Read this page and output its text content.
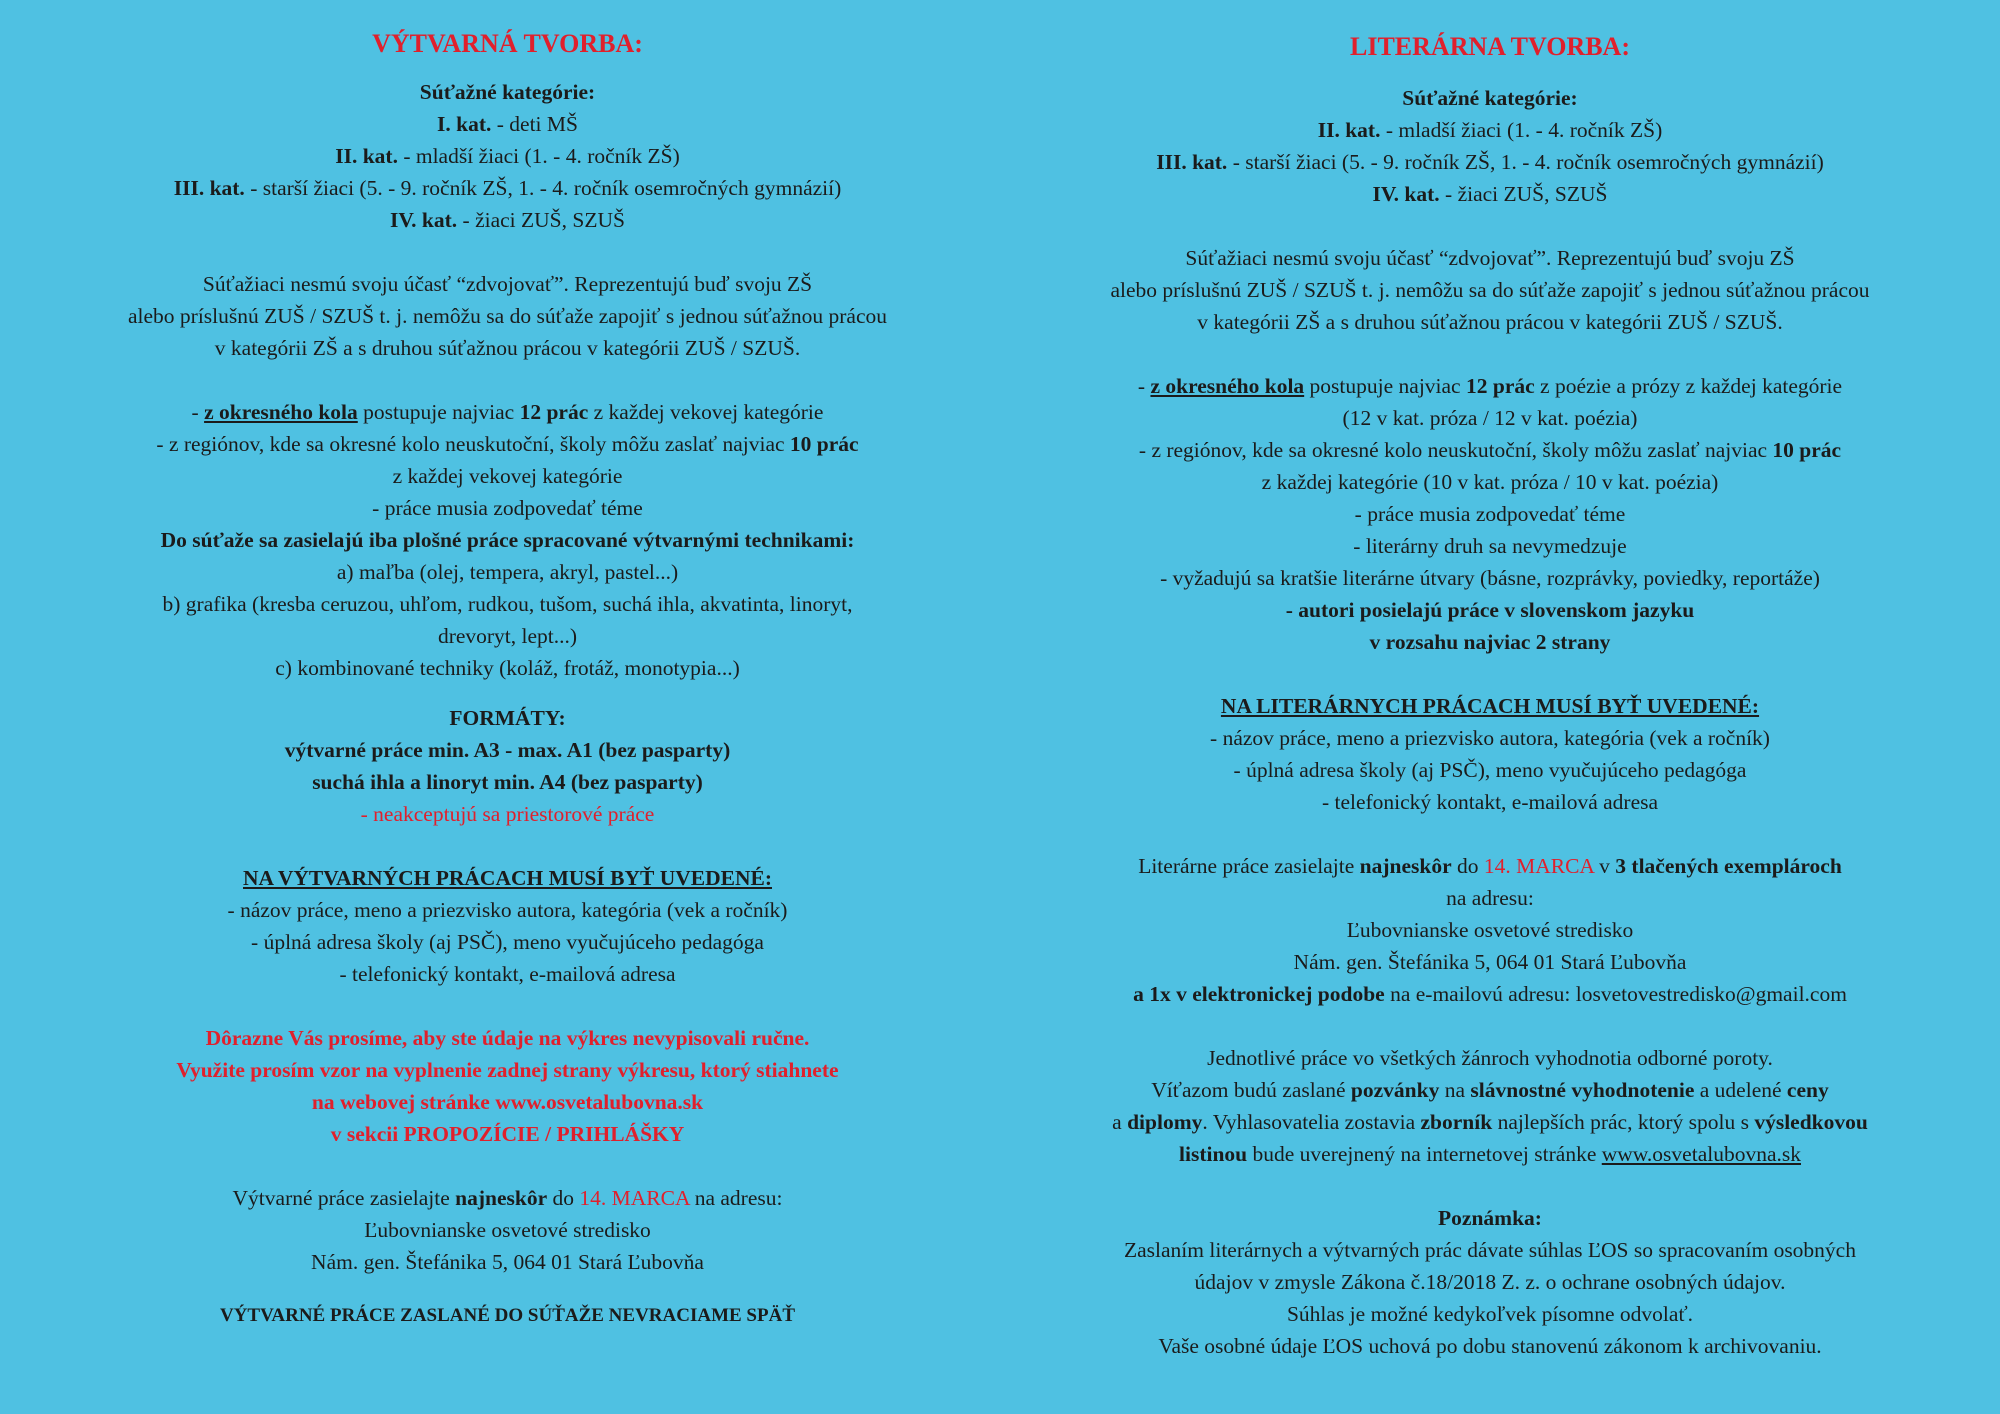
VÝTVARNÁ TVORBA:

Súťažné kategórie:

I. kat. - deti MŠ

II. kat. - mladší žiaci (1. - 4. ročník ZŠ)

III. kat. - starší žiaci (5. - 9. ročník ZŠ, 1. - 4. ročník osemročných gymnázií)

IV. kat. - žiaci ZUŠ, SZUŠ

Súťažiaci nesmú svoju účasť “zdvojovať”. Reprezentujú buď svoju ZŠ

alebo príslušnú ZUŠ / SZUŠ t. j. nemôžu sa do súťaže zapojiť s jednou súťažnou prácou

v kategórii ZŠ a s druhou súťažnou prácou v kategórii ZUŠ / SZUŠ.

- z okresného kola postupuje najviac 12 prác z každej vekovej kategórie

- z regiónov, kde sa okresné kolo neuskutoční, školy môžu zaslať najviac 10 prác

z každej vekovej kategórie

- práce musia zodpovedať téme

Do súťaže sa zasielajú iba plošné práce spracované výtvarnými technikami:

a) maľba (olej, tempera, akryl, pastel...)

b) grafika (kresba ceruzou, uhľom, rudkou, tušom, suchá ihla, akvatinta, linoryt,

drevoryt, lept...)

c) kombinované techniky (koláž, frotáž, monotypia...)

FORMÁTY:

výtvarné práce min. A3 - max. A1 (bez pasparty)

suchá ihla a linoryt min. A4 (bez pasparty)

- neakceptujú sa priestorové práce

NA VÝTVARNÝCH PRÁCACH MUSÍ BYŤ UVEDENÉ:

- názov práce, meno a priezvisko autora, kategória (vek a ročník)

- úplná adresa školy (aj PSČ), meno vyučujúceho pedagóga

- telefonický kontakt, e-mailová adresa

Dôrazne Vás prosíme, aby ste údaje na výkres nevypisovali ručne.

Využite prosím vzor na vyplnenie zadnej strany výkresu, ktorý stiahnete

na webovej stránke www.osvetalubovna.sk

v sekcii PROPOZÍCIE / PRIHLÁŠKY

Výtvarné práce zasielajte najneskôr do 14. MARCA na adresu:

Ľubovnianske osvetové stredisko

Nám. gen. Štefánika 5, 064 01 Stará Ľubovňa

VÝTVARNÉ PRÁCE ZASLANÉ DO SÚŤAŽE NEVRACIAME SPÄŤ

LITERÁRNA TVORBA:

Súťažné kategórie:

II. kat. - mladší žiaci (1. - 4. ročník ZŠ)

III. kat. - starší žiaci (5. - 9. ročník ZŠ, 1. - 4. ročník osemročných gymnázií)

IV. kat. - žiaci ZUŠ, SZUŠ

Súťažiaci nesmú svoju účasť “zdvojovať”. Reprezentujú buď svoju ZŠ

alebo príslušnú ZUŠ / SZUŠ t. j. nemôžu sa do súťaže zapojiť s jednou súťažnou prácou

v kategórii ZŠ a s druhou súťažnou prácou v kategórii ZUŠ / SZUŠ.

- z okresného kola postupuje najviac 12 prác z poézie a prózy z každej kategórie

(12 v kat. próza / 12 v kat. poézia)

- z regiónov, kde sa okresné kolo neuskutoční, školy môžu zaslať najviac 10 prác

z každej kategórie (10 v kat. próza / 10 v kat. poézia)

- práce musia zodpovedať téme

- literárny druh sa nevymedzuje

- vyžadujú sa kratšie literárne útvary (básne, rozprávky, poviedky, reportáže)

- autori posielajú práce v slovenskom jazyku

v rozsahu najviac 2 strany

NA LITERÁRNYCH PRÁCACH MUSÍ BYŤ UVEDENÉ:

- názov práce, meno a priezvisko autora, kategória (vek a ročník)

- úplná adresa školy (aj PSČ), meno vyučujúceho pedagóga

- telefonický kontakt, e-mailová adresa

Literárne práce zasielajte najneskôr do 14. MARCA v 3 tlačených exemplároch

na adresu:

Ľubovnianske osvetové stredisko

Nám. gen. Štefánika 5, 064 01 Stará Ľubovňa

a 1x v elektronickej podobe na e-mailovú adresu: losvetovestredisko@gmail.com

Jednotlivé práce vo všetkých žánroch vyhodnotia odborné poroty.

Víťazom budú zaslané pozvánky na slávnostné vyhodnotenie a udelené ceny

a diplomy. Vyhlasovatelia zostavia zborník najlepších prác, ktorý spolu s výsledkovou

listinou bude uverejnený na internetovej stránke www.osvetalubovna.sk

Poznámka:

Zaslaním literárnych a výtvarných prác dávate súhlas ĽOS so spracovaním osobných

údajov v zmysle Zákona č.18/2018 Z. z. o ochrane osobných údajov.

Súhlas je možné kedykoľvek písomne odvolať.

Vaše osobné údaje ĽOS uchová po dobu stanovenú zákonom k archivovaniu.
